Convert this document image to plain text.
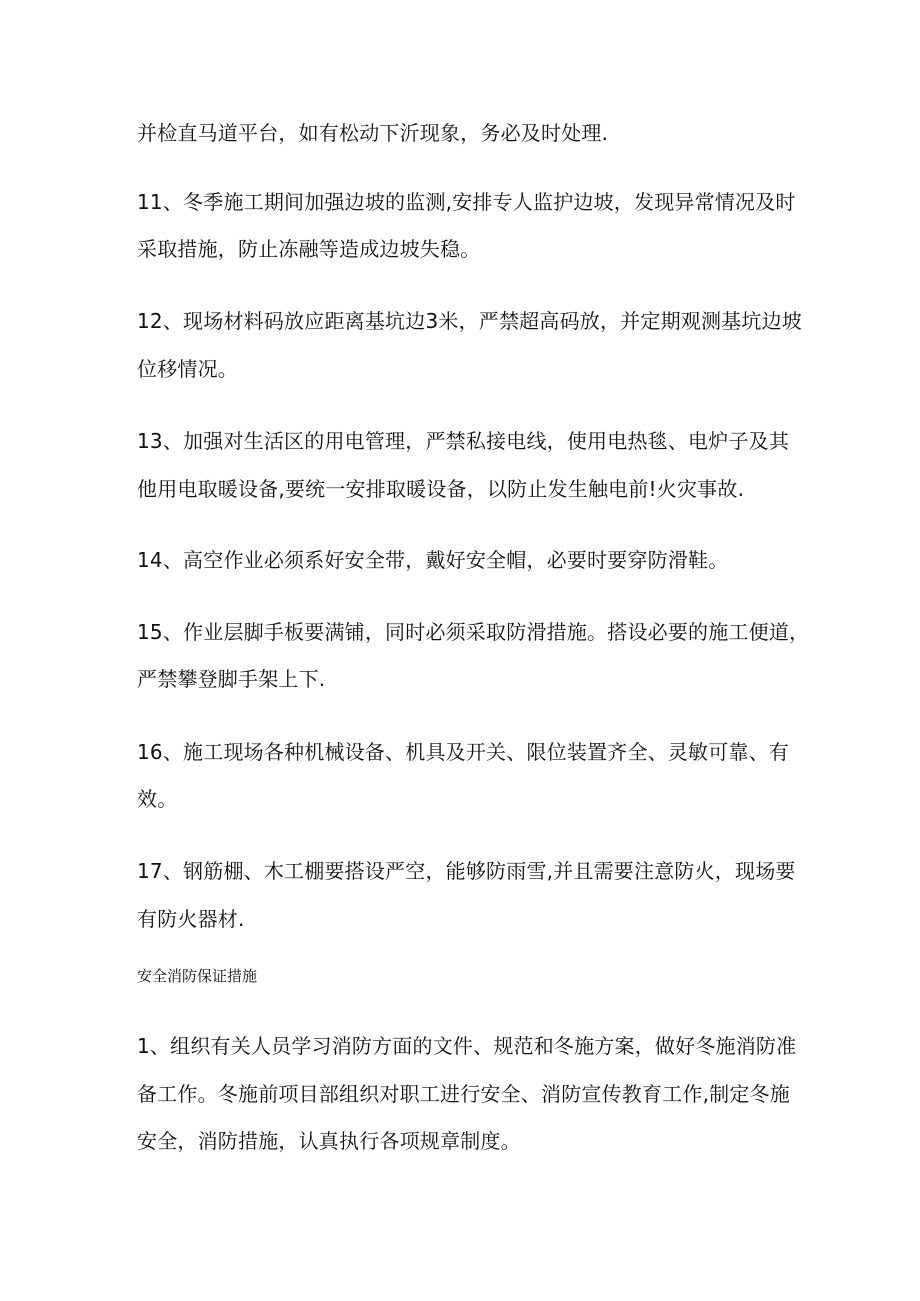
并检直马道平台，如有松动下沂现象，务必及时处理.
11、冬季施工期间加强边坡的监测,安排专人监护边坡，发现异常情况及时
采取措施，防止冻融等造成边坡失稳。
12、现场材料码放应距离基坑边3米，严禁超高码放，并定期观测基坑边坡
位移情况。
13、加强对生活区的用电管理，严禁私接电线，使用电热毯、电炉子及其
他用电取暖设备,要统一安排取暖设备，以防止发生触电前!火灾事故.
14、高空作业必须系好安全带，戴好安全帽，必要时要穿防滑鞋。
15、作业层脚手板要满铺，同时必须采取防滑措施。搭设必要的施工便道，
严禁攀登脚手架上下.
16、施工现场各种机械设备、机具及开关、限位装置齐全、灵敏可靠、有
效。
17、钢筋棚、木工棚要搭设严空，能够防雨雪,并且需要注意防火，现场要
有防火器材.
安全消防保证措施
1、组织有关人员学习消防方面的文件、规范和冬施方案，做好冬施消防准
备工作。冬施前项目部组织对职工进行安全、消防宣传教育工作,制定冬施
安全，消防措施，认真执行各项规章制度。
